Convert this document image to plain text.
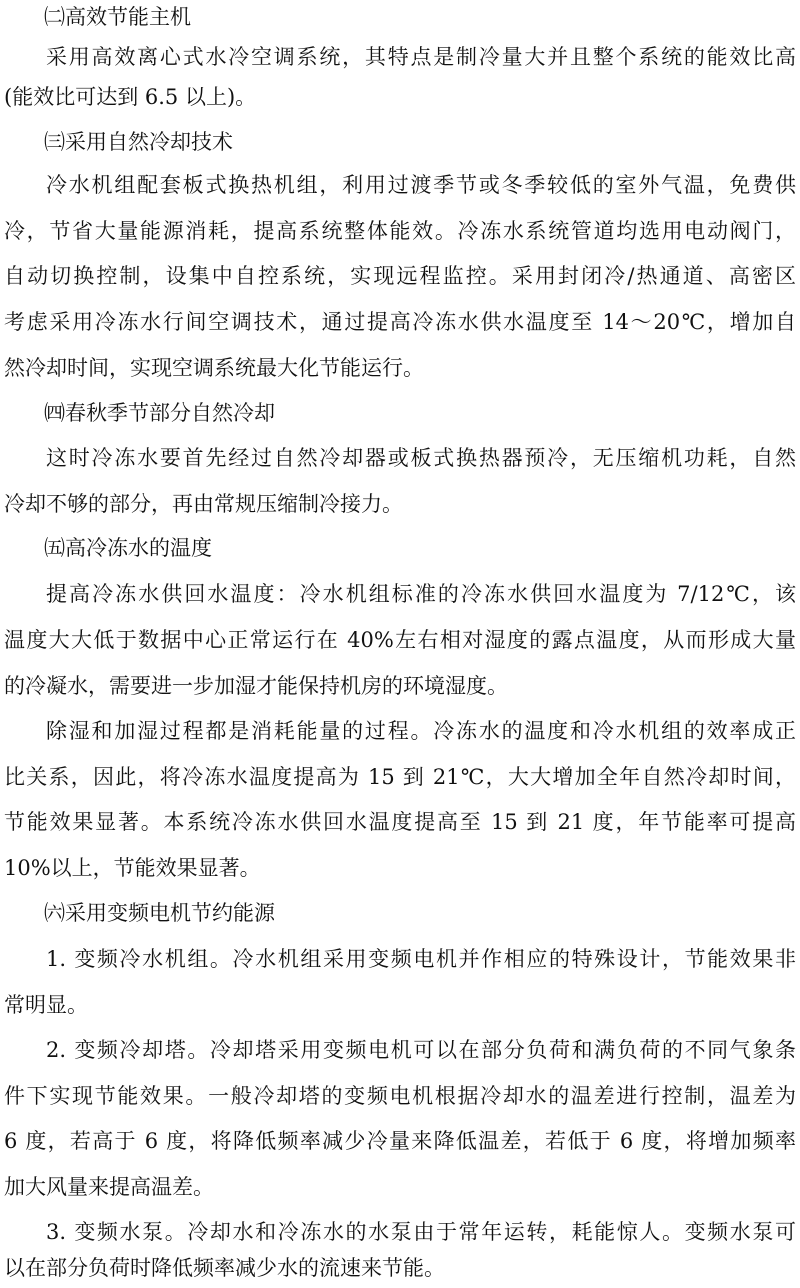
㈡高效节能主机
采用高效离心式水冷空调系统，其特点是制冷量大并且整个系统的能效比高
(能效比可达到 6.5 以上)。
㈢采用自然冷却技术
冷水机组配套板式换热机组，利用过渡季节或冬季较低的室外气温，免费供
冷，节省大量能源消耗，提高系统整体能效。冷冻水系统管道均选用电动阀门，
自动切换控制，设集中自控系统，实现远程监控。采用封闭冷/热通道、高密区
考虑采用冷冻水行间空调技术，通过提高冷冻水供水温度至 14～20℃，增加自
然冷却时间，实现空调系统最大化节能运行。
㈣春秋季节部分自然冷却
这时冷冻水要首先经过自然冷却器或板式换热器预冷，无压缩机功耗，自然
冷却不够的部分，再由常规压缩制冷接力。
㈤高冷冻水的温度
提高冷冻水供回水温度：冷水机组标准的冷冻水供回水温度为 7/12℃，该
温度大大低于数据中心正常运行在 40%左右相对湿度的露点温度，从而形成大量
的冷凝水，需要进一步加湿才能保持机房的环境湿度。
除湿和加湿过程都是消耗能量的过程。冷冻水的温度和冷水机组的效率成正
比关系，因此，将冷冻水温度提高为 15 到 21℃，大大增加全年自然冷却时间，
节能效果显著。本系统冷冻水供回水温度提高至 15 到 21 度，年节能率可提高
10%以上，节能效果显著。
㈥采用变频电机节约能源
1. 变频冷水机组。冷水机组采用变频电机并作相应的特殊设计，节能效果非
常明显。
2. 变频冷却塔。冷却塔采用变频电机可以在部分负荷和满负荷的不同气象条
件下实现节能效果。一般冷却塔的变频电机根据冷却水的温差进行控制，温差为
6 度，若高于 6 度，将降低频率减少冷量来降低温差，若低于 6 度，将增加频率
加大风量来提高温差。
3. 变频水泵。冷却水和冷冻水的水泵由于常年运转，耗能惊人。变频水泵可
以在部分负荷时降低频率减少水的流速来节能。
